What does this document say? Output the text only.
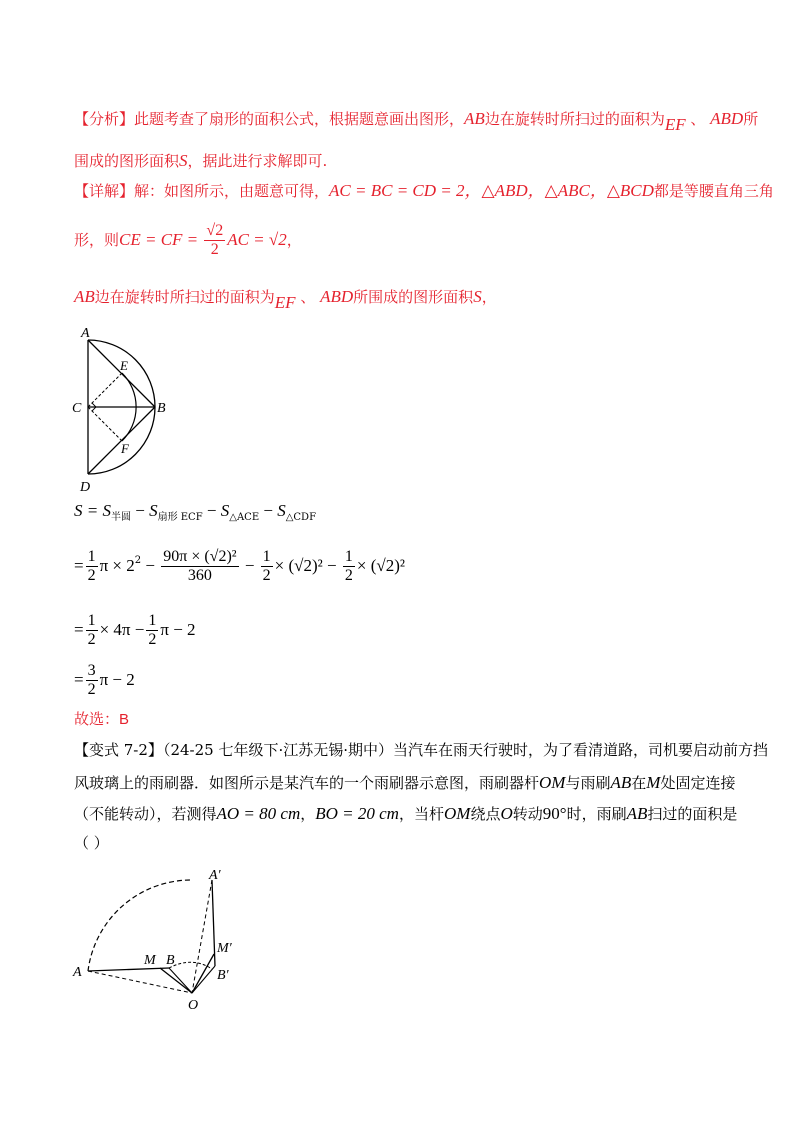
【分析】此题考查了扇形的面积公式，根据题意画出图形，AB边在旋转时所扫过的面积为EF 、 ABD所
围成的图形面积S，据此进行求解即可.
【详解】解：如图所示，由题意可得，AC = BC = CD = 2，△ABD，△ABC，△BCD都是等腰直角三角
形，则CE = CF = $\frac{√2}{2}$ AC = √2，
AB边在旋转时所扫过的面积为EF 、 ABD所围成的图形面积S，
A
E
C	B
F
D
$S = S_{半圆} - S_{扇形 ECF} - S_{\triangle ACE} - S_{\triangle CDF}$
= $\frac{1}{2}$ $\pi \times 2^2 - \frac{\text{90π × (√2)²}}{360} - \frac{1}{2} \times (√2)^2 - \frac{1}{2} \times (√2)^2$
= $\frac{1}{2} \times 4\pi - \frac{1}{2}$ π − 2
= $\frac{3}{2}$ π − 2
故选：B
【变式 7-2】（24-25 七年级下·江苏无锡·期中）当汽车在雨天行驶时，为了看清道路，司机要启动前方挡
风玻璃上的雨刷器．如图所示是某汽车的一个雨刷器示意图，雨刷器杆OM与雨刷AB在M处固定连接
（不能转动），若测得AO = 80 cm，BO = 20 cm，当杆OM绕点O转动90°时，雨刷AB扫过的面积是
（ ）
A
M B
O
A′
M′
B′
